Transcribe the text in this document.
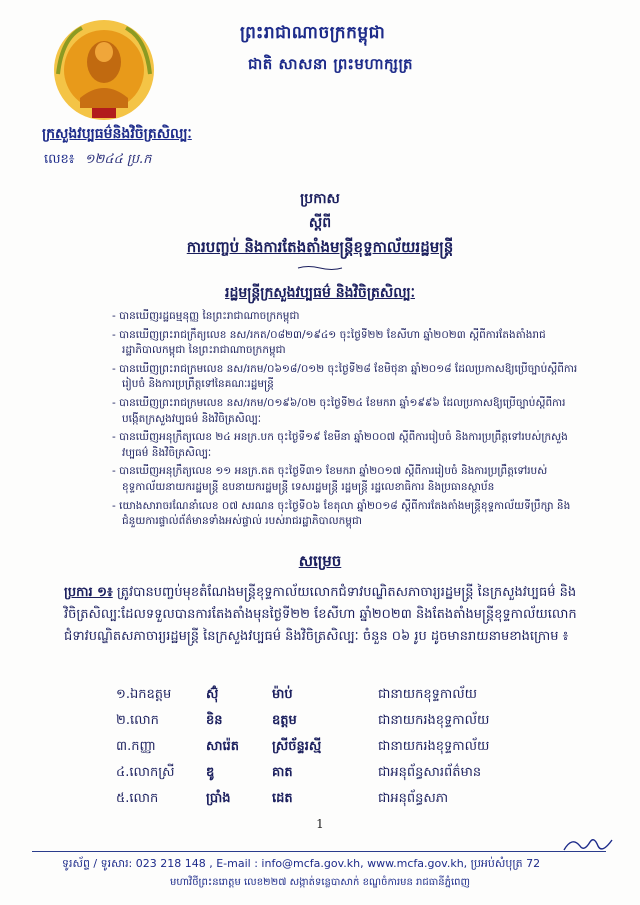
ព្រះរាជាណាចក្រកម្ពុជា
ជាតិ សាសនា ព្រះមហាក្សត្រ
ក្រសួងវប្បធម៌និងវិចិត្រសិល្បៈ
លេខ៖ ១២៤៤ ប្រ.ក
ប្រកាស
ស្តីពី
ការបញ្ចប់ និងការតែងតាំងមន្ត្រីខុទ្ទកាល័យរដ្ឋមន្ត្រី
រដ្ឋមន្ត្រីក្រសួងវប្បធម៌ និងវិចិត្រសិល្បៈ
- បានឃើញរដ្ឋធម្មនុញ្ញ នៃព្រះរាជាណាចក្រកម្ពុជា
- បានឃើញព្រះរាជក្រឹត្យលេខ នស/រកត/០៨២៣/១៩៤១ ចុះថ្ងៃទី២២ ខែសីហា ឆ្នាំ២០២៣ ស្តីពីការតែងតាំងរាជរដ្ឋាភិបាលកម្ពុជា នៃព្រះរាជាណាចក្រកម្ពុជា
- បានឃើញព្រះរាជក្រមលេខ នស/រកម/០៦១៨/០១២ ចុះថ្ងៃទី២៨ ខែមិថុនា ឆ្នាំ២០១៨ ដែលប្រកាសឱ្យប្រើច្បាប់ស្តីពីការរៀបចំ និងការប្រព្រឹត្តទៅនៃគណៈរដ្ឋមន្ត្រី
- បានឃើញព្រះរាជក្រមលេខ នស/រកម/០១៩៦/០២ ចុះថ្ងៃទី២៤ ខែមករា ឆ្នាំ១៩៩៦ ដែលប្រកាសឱ្យប្រើច្បាប់ស្តីពីការបង្កើតក្រសួងវប្បធម៌ និងវិចិត្រសិល្បៈ
- បានឃើញអនុក្រឹត្យលេខ ២៤ អនក្រ.បក ចុះថ្ងៃទី១៩ ខែមីនា ឆ្នាំ២០០៧ ស្តីពីការរៀបចំ និងការប្រព្រឹត្តទៅរបស់ក្រសួងវប្បធម៌ និងវិចិត្រសិល្បៈ
- បានឃើញអនុក្រឹត្យលេខ ១១ អនក្រ.តត ចុះថ្ងៃទី៣១ ខែមករា ឆ្នាំ២០១៧ ស្តីពីការរៀបចំ និងការប្រព្រឹត្តទៅរបស់ខុទ្ទកាល័យនាយករដ្ឋមន្ត្រី ឧបនាយករដ្ឋមន្ត្រី ទេសរដ្ឋមន្ត្រី រដ្ឋមន្ត្រី រដ្ឋលេខាធិការ និងប្រធានស្ថាប័ន
- យោងសារាចរណែនាំលេខ ០៧ សរណន ចុះថ្ងៃទី០៦ ខែតុលា ឆ្នាំ២០១៨ ស្តីពីការតែងតាំងមន្ត្រីខុទ្ទកាល័យទីប្រឹក្សា និងជំនួយការផ្ទាល់ព័ត៌មានទាំងអស់ផ្ទាល់ របស់រាជរដ្ឋាភិបាលកម្ពុជា
សម្រេច
ប្រការ ១៖ ត្រូវបានបញ្ចប់មុខតំណែងមន្ត្រីខុទ្ទកាល័យលោកជំទាវបណ្ឌិតសភាចារ្យរដ្ឋមន្ត្រី នៃក្រសួងវប្បធម៌ និងវិចិត្រសិល្បៈដែលទទួលបានការតែងតាំងមុនថ្ងៃទី២២ ខែសីហា ឆ្នាំ២០២៣ និងតែងតាំងមន្ត្រីខុទ្ទកាល័យលោកជំទាវបណ្ឌិតសភាចារ្យរដ្ឋមន្ត្រី នៃក្រសួងវប្បធម៌ និងវិចិត្រសិល្បៈ ចំនួន ០៦ រូប ដូចមានរាយនាមខាងក្រោម ៖
១.ឯកឧត្តម	ស៊ុំ	ម៉ាប់	ជានាយកខុទ្ទកាល័យ
២.លោក	ខិន	ឧត្តម	ជានាយករងខុទ្ទកាល័យ
៣.កញ្ញា	សារ៉េត	ស្រីច័ន្ទរស្មី	ជានាយករងខុទ្ទកាល័យ
៤.លោកស្រី	ឌូ	គាត	ជាអនុព័ន្ធសារព័ត៌មាន
៥.លោក	ប្រាំង	ដេត	ជាអនុព័ន្ធសភា
1
ទូរស័ព្ទ / ទូរសារ: 023 218 148 , E-mail : info@mcfa.gov.kh, www.mcfa.gov.kh, ប្រអប់សំបុត្រ 72
មហាវិថីព្រះនរោត្តម លេខ២២៧ សង្កាត់ទន្លេបាសាក់ ខណ្ឌចំការមន រាជធានីភ្នំពេញ
